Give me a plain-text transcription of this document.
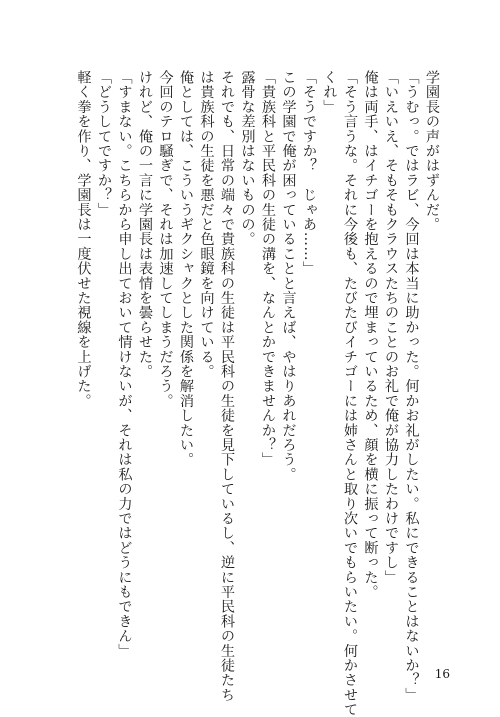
学園長の声がはずんだ。
「うむっ。ではラビ、今回は本当に助かった。何かお礼がしたい。私にできることはないか？」
「いえいえ、そもそもクラウスたちのことのお礼で俺が協力したわけですし」
俺は両手、はイチゴーを抱えるので埋まっているため、顔を横に振って断った。
「そう言うな。それに今後も、たびたびイチゴーには姉さんと取り次いでもらいたい。何かさせて
くれ」
「そうですか？　じゃあ……」
この学園で俺が困っていることと言えば、やはりあれだろう。
「貴族科と平民科の生徒の溝を、なんとかできませんか？」
露骨な差別はないものの。
それでも、日常の端々で貴族科の生徒は平民科の生徒を見下しているし、逆に平民科の生徒たち
は貴族科の生徒を悪だと色眼鏡を向けている。
俺としては、こういうギクシャクとした関係を解消したい。
今回のテロ騒ぎで、それは加速してしまうだろう。
けれど、俺の一言に学園長は表情を曇らせた。
「すまない。こちらから申し出ておいて情けないが、それは私の力ではどうにもできん」
「どうしてですか？」
軽く拳を作り、学園長は一度伏せた視線を上げた。
16
